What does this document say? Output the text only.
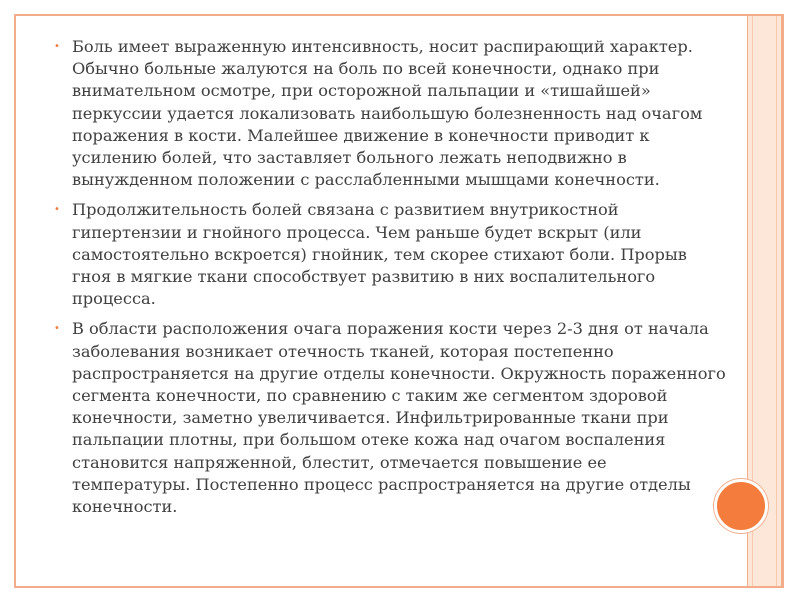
• Боль имеет выраженную интенсивность, носит распирающий характер. Обычно больные жалуются на боль по всей конечности, однако при внимательном осмотре, при осторожной пальпации и «тишайшей» перкуссии удается локализовать наибольшую болезненность над очагом поражения в кости. Малейшее движение в конечности приводит к усилению болей, что заставляет больного лежать неподвижно в вынужденном положении с расслабленными мышцами конечности.

• Продолжительность болей связана с развитием внутрикостной гипертензии и гнойного процесса. Чем раньше будет вскрыт (или самостоятельно вскроется) гнойник, тем скорее стихают боли. Прорыв гноя в мягкие ткани способствует развитию в них воспалительного процесса.

• В области расположения очага поражения кости через 2-3 дня от начала заболевания возникает отечность тканей, которая постепенно распространяется на другие отделы конечности. Окружность пораженного сегмента конечности, по сравнению с таким же сегментом здоровой конечности, заметно увеличивается. Инфильтрированные ткани при пальпации плотны, при большом отеке кожа над очагом воспаления становится напряженной, блестит, отмечается повышение ее температуры. Постепенно процесс распространяется на другие отделы конечности.
